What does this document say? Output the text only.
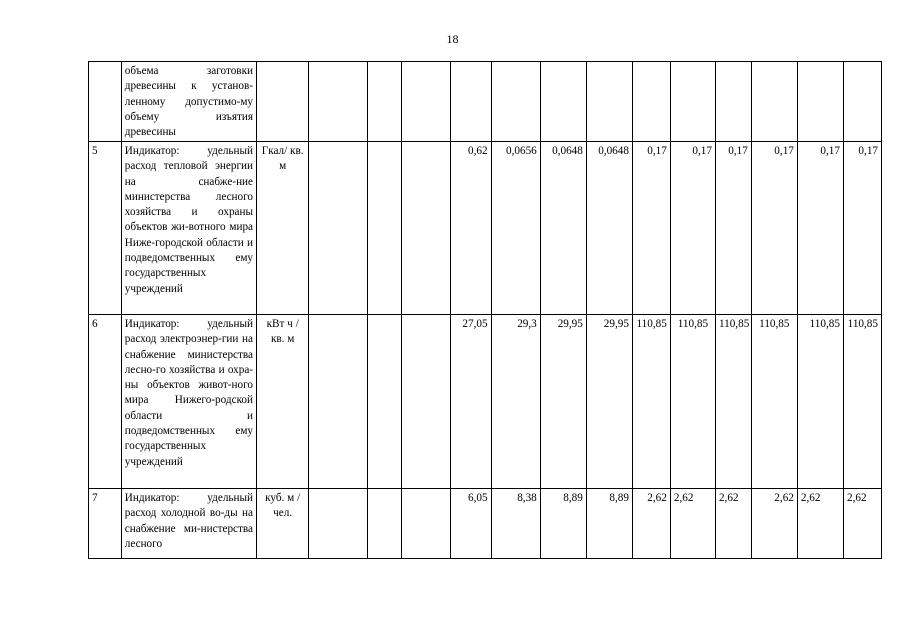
18
	объема заготовки древесины к установ-ленному допустимо-му объему изъятия древесины														
5	Индикатор: удельный расход тепловой энергии на снабже-ние министерства лесного хозяйства и охраны объектов жи-вотного мира Ниже-городской области и подведомственных ему государственных учреждений	Гкал/ кв. м				0,62	0,0656	0,0648	0,0648	0,17	0,17	0,17	0,17	0,17	0,17
6	Индикатор: удельный расход электроэнер-гии на снабжение министерства лесно-го хозяйства и охра-ны объектов живот-ного мира Нижего-родской области и подведомственных ему государственных учреждений	кВт ч /кв. м				27,05	29,3	29,95	29,95	110,85	110,85	110,85	110,85	110,85	110,85
7	Индикатор: удельный расход холодной во-ды на снабжение ми-нистерства лесного	куб. м /чел.				6,05	8,38	8,89	8,89	2,62	2,62	2,62	2,62	2,62	2,62
